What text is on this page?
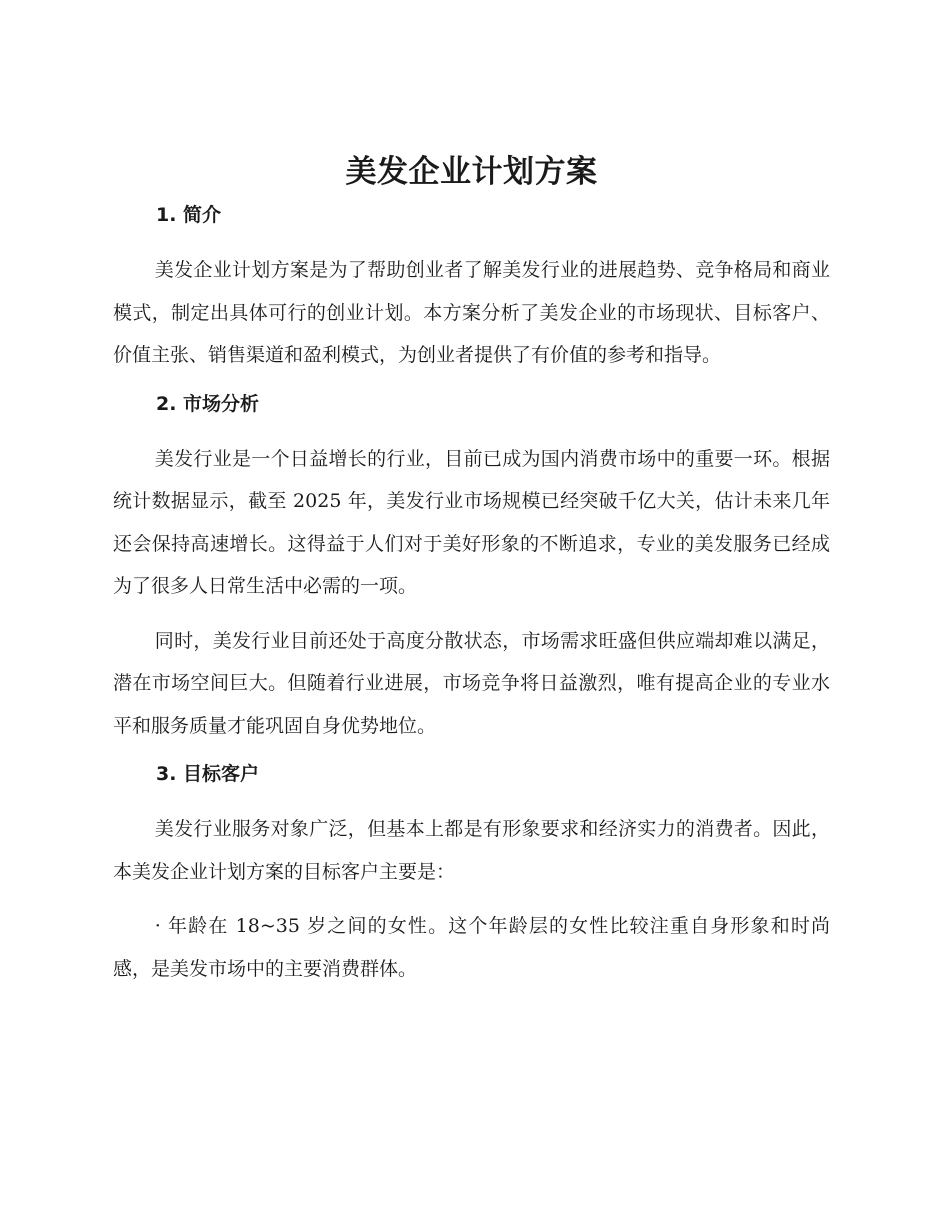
美发企业计划方案
1. 简介

美发企业计划方案是为了帮助创业者了解美发行业的进展趋势、竞争格局和商业模式，制定出具体可行的创业计划。本方案分析了美发企业的市场现状、目标客户、价值主张、销售渠道和盈利模式，为创业者提供了有价值的参考和指导。

2. 市场分析

美发行业是一个日益增长的行业，目前已成为国内消费市场中的重要一环。根据统计数据显示，截至 2025 年，美发行业市场规模已经突破千亿大关，估计未来几年还会保持高速增长。这得益于人们对于美好形象的不断追求，专业的美发服务已经成为了很多人日常生活中必需的一项。

同时，美发行业目前还处于高度分散状态，市场需求旺盛但供应端却难以满足，潜在市场空间巨大。但随着行业进展，市场竞争将日益激烈，唯有提高企业的专业水平和服务质量才能巩固自身优势地位。

3. 目标客户

美发行业服务对象广泛，但基本上都是有形象要求和经济实力的消费者。因此，本美发企业计划方案的目标客户主要是：

· 年龄在 18~35 岁之间的女性。这个年龄层的女性比较注重自身形象和时尚感，是美发市场中的主要消费群体。
